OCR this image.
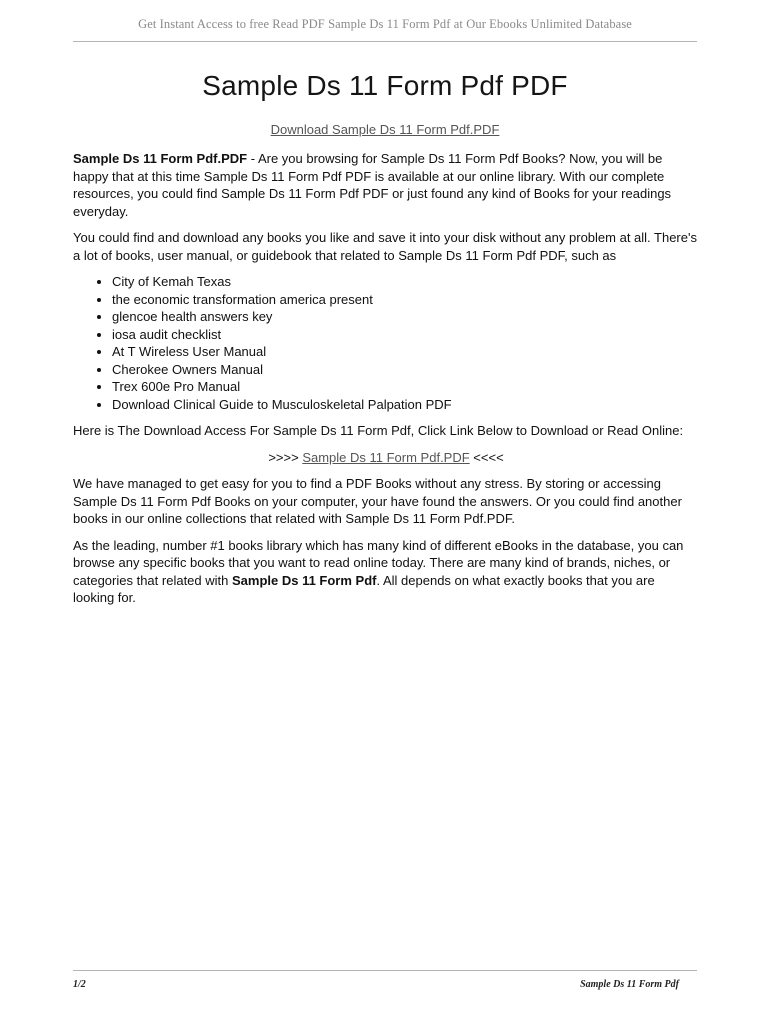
Get Instant Access to free Read PDF Sample Ds 11 Form Pdf at Our Ebooks Unlimited Database
Sample Ds 11 Form Pdf PDF
Download Sample Ds 11 Form Pdf.PDF

Sample Ds 11 Form Pdf.PDF - Are you browsing for Sample Ds 11 Form Pdf Books? Now, you will be happy that at this time Sample Ds 11 Form Pdf PDF is available at our online library. With our complete resources, you could find Sample Ds 11 Form Pdf PDF or just found any kind of Books for your readings everyday.

You could find and download any books you like and save it into your disk without any problem at all. There's a lot of books, user manual, or guidebook that related to Sample Ds 11 Form Pdf PDF, such as

• City of Kemah Texas
• the economic transformation america present
• glencoe health answers key
• iosa audit checklist
• At T Wireless User Manual
• Cherokee Owners Manual
• Trex 600e Pro Manual
• Download Clinical Guide to Musculoskeletal Palpation PDF

Here is The Download Access For Sample Ds 11 Form Pdf, Click Link Below to Download or Read Online:

>>>> Sample Ds 11 Form Pdf.PDF <<<<

We have managed to get easy for you to find a PDF Books without any stress. By storing or accessing Sample Ds 11 Form Pdf Books on your computer, your have found the answers. Or you could find another books in our online collections that related with Sample Ds 11 Form Pdf.PDF.

As the leading, number #1 books library which has many kind of different eBooks in the database, you can browse any specific books that you want to read online today. There are many kind of brands, niches, or categories that related with Sample Ds 11 Form Pdf. All depends on what exactly books that you are looking for.

1/2	Sample Ds 11 Form Pdf
